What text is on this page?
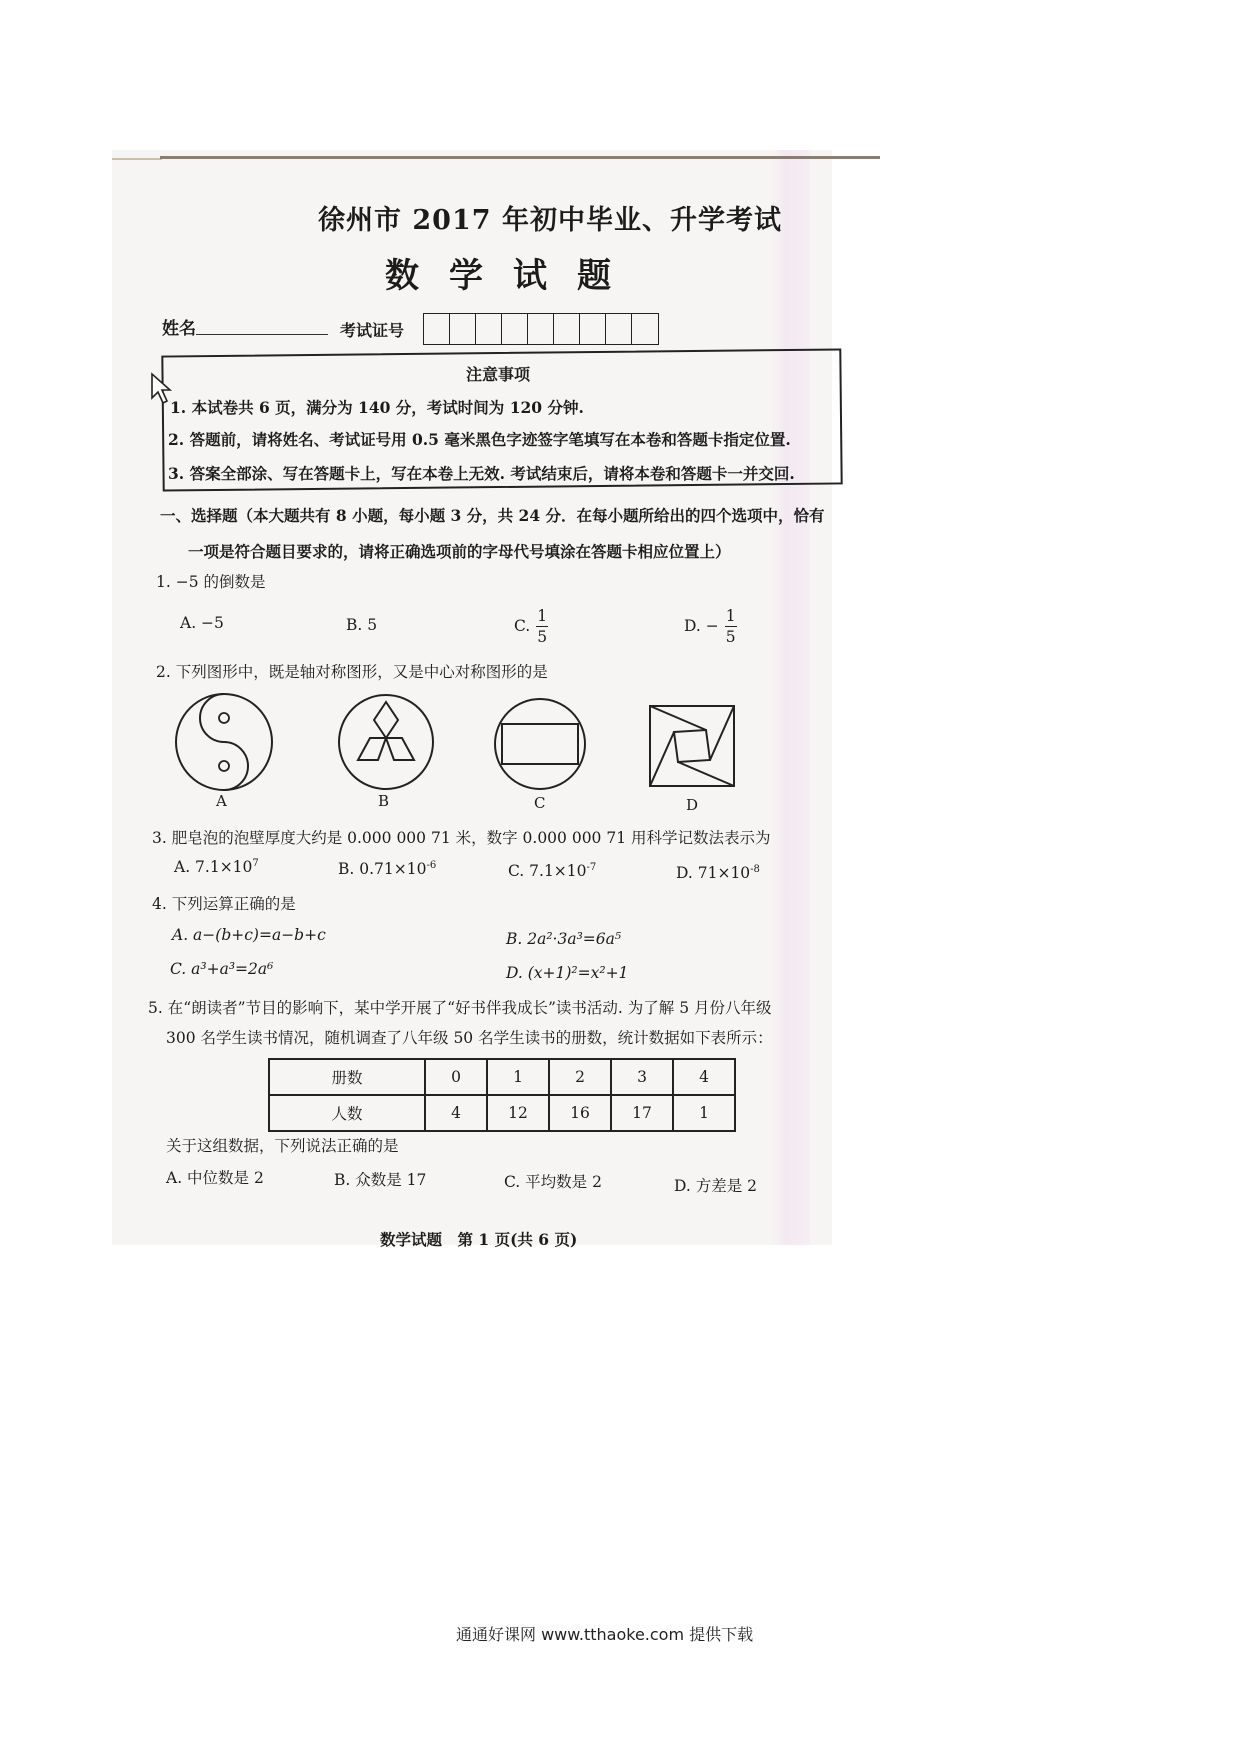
徐州市 2017 年初中毕业、升学考试
数学试题
姓名	考试证号
注意事项
1. 本试卷共 6 页，满分为 140 分，考试时间为 120 分钟.
2. 答题前，请将姓名、考试证号用 0.5 毫米黑色字迹签字笔填写在本卷和答题卡指定位置.
3. 答案全部涂、写在答题卡上，写在本卷上无效. 考试结束后，请将本卷和答题卡一并交回.
一、选择题（本大题共有 8 小题，每小题 3 分，共 24 分．在每小题所给出的四个选项中，恰有
一项是符合题目要求的，请将正确选项前的字母代号填涂在答题卡相应位置上）
1. −5 的倒数是
A. −5	B. 5	C. $\frac{1}{5}$	D. − $\frac{1}{5}$
2. 下列图形中，既是轴对称图形，又是中心对称图形的是
A	B	C	D
3. 肥皂泡的泡壁厚度大约是 0.000 000 71 米，数字 0.000 000 71 用科学记数法表示为
A. $7.1\times 10^7$	B. $0.71\times 10^{-6}$	C. $7.1\times 10^{-7}$	D. $71\times 10^{-8}$
4. 下列运算正确的是
A. a−(b+c)=a−b+c	B. 2a²·3a³=6a⁵
C. a³+a³=2a⁶	D. (x+1)²=x²+1
5. 在“朗读者”节目的影响下，某中学开展了“好书伴我成长”读书活动. 为了解 5 月份八年级
300 名学生读书情况，随机调查了八年级 50 名学生读书的册数，统计数据如下表所示：
册数	0	1	2	3	4
人数	4	12	16	17	1
关于这组数据，下列说法正确的是
A. 中位数是 2	B. 众数是 17	C. 平均数是 2	D. 方差是 2
数学试题　第 1 页(共 6 页)
通通好课网 www.tthaoke.com 提供下载
